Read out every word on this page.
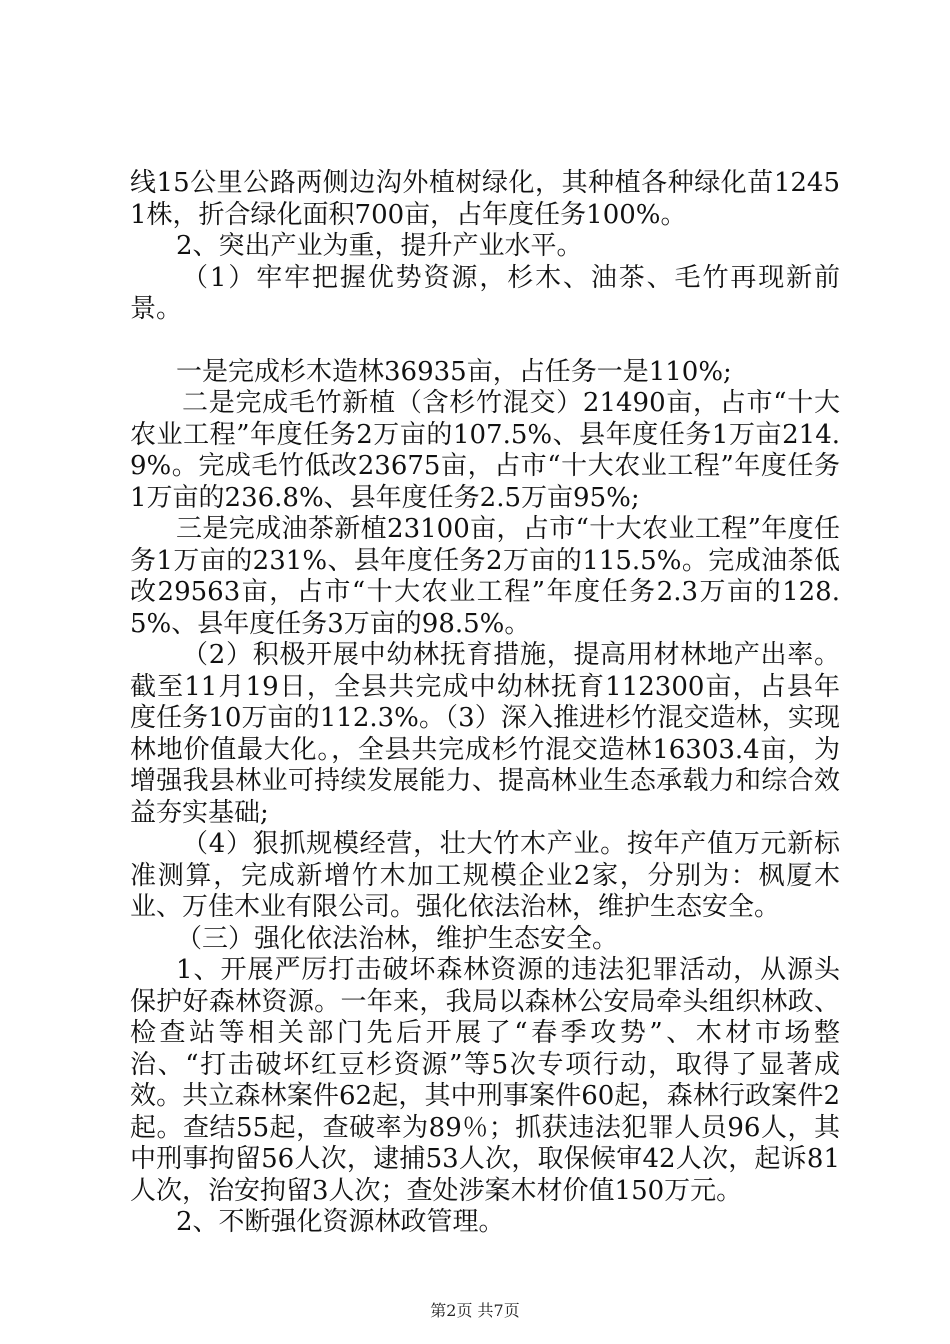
线15公里公路两侧边沟外植树绿化，其种植各种绿化苗12451株，折合绿化面积700亩，占年度任务100%。

2、突出产业为重，提升产业水平。

（1）牢牢把握优势资源，杉木、油茶、毛竹再现新前景。

一是完成杉木造林36935亩，占任务一是110%;

二是完成毛竹新植（含杉竹混交）21490亩，占市“十大农业工程”年度任务2万亩的107.5%、县年度任务1万亩214.9%。完成毛竹低改23675亩，占市“十大农业工程”年度任务1万亩的236.8%、县年度任务2.5万亩95%;

三是完成油茶新植23100亩，占市“十大农业工程”年度任务1万亩的231%、县年度任务2万亩的115.5%。完成油茶低改29563亩，占市“十大农业工程”年度任务2.3万亩的128.5%、县年度任务3万亩的98.5%。

（2）积极开展中幼林抚育措施，提高用材林地产出率。截至11月19日，全县共完成中幼林抚育112300亩，占县年度任务10万亩的112.3%。（3）深入推进杉竹混交造林，实现林地价值最大化。，全县共完成杉竹混交造林16303.4亩，为增强我县林业可持续发展能力、提高林业生态承载力和综合效益夯实基础;

（4）狠抓规模经营，壮大竹木产业。按年产值万元新标准测算，完成新增竹木加工规模企业2家，分别为：枫厦木业、万佳木业有限公司。强化依法治林，维护生态安全。

（三）强化依法治林，维护生态安全。

1、开展严厉打击破坏森林资源的违法犯罪活动，从源头保护好森林资源。一年来，我局以森林公安局牵头组织林政、检查站等相关部门先后开展了“春季攻势”、木材市场整治、“打击破坏红豆杉资源”等5次专项行动，取得了显著成效。共立森林案件62起，其中刑事案件60起，森林行政案件2起。查结55起，查破率为89％；抓获违法犯罪人员96人，其中刑事拘留56人次，逮捕53人次，取保候审42人次，起诉81人次，治安拘留3人次；查处涉案木材价值150万元。

2、不断强化资源林政管理。

第2页 共7页
